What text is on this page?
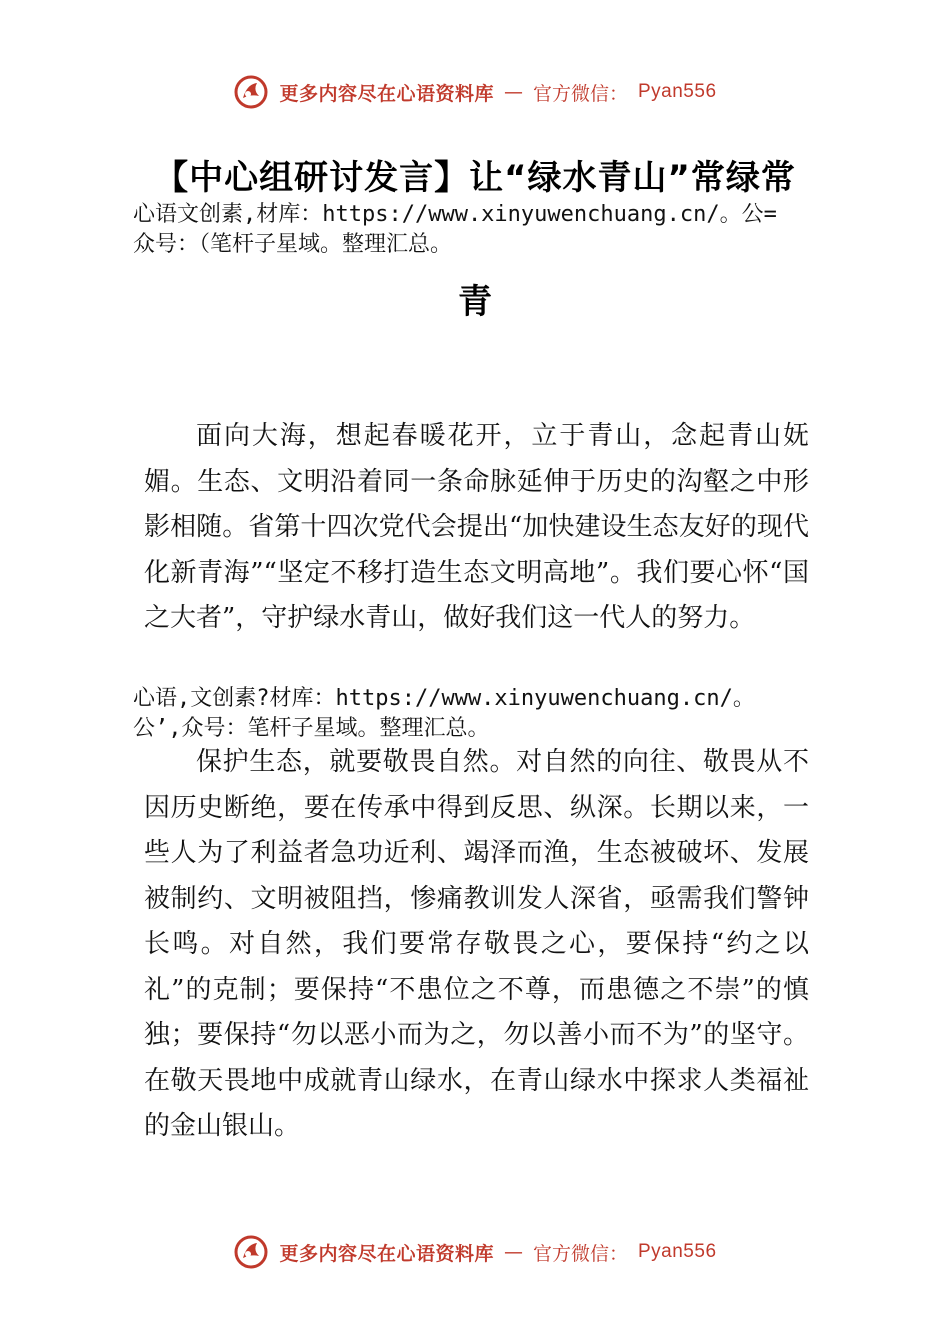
更多内容尽在心语资料库 — 官方微信： Pyan556
【中心组研讨发言】让“绿水青山”常绿常
心语文创素,材库：https://www.xinyuwenchuang.cn/。公=
众号：（笔杆子星域。整理汇总。
青

面向大海，想起春暖花开，立于青山，念起青山妩媚。生态、文明沿着同一条命脉延伸于历史的沟壑之中形影相随。省第十四次党代会提出“加快建设生态友好的现代化新青海”“坚定不移打造生态文明高地”。我们要心怀“国之大者”，守护绿水青山，做好我们这一代人的努力。

心语,文创素?材库：https://www.xinyuwenchuang.cn/。
公’,众号：笔杆子星域。整理汇总。

保护生态，就要敬畏自然。对自然的向往、敬畏从不因历史断绝，要在传承中得到反思、纵深。长期以来，一些人为了利益者急功近利、竭泽而渔，生态被破坏、发展被制约、文明被阻挡，惨痛教训发人深省，亟需我们警钟长鸣。对自然，我们要常存敬畏之心，要保持“约之以礼”的克制；要保持“不患位之不尊，而患德之不崇”的慎独；要保持“勿以恶小而为之，勿以善小而不为”的坚守。在敬天畏地中成就青山绿水，在青山绿水中探求人类福祉的金山银山。

更多内容尽在心语资料库 — 官方微信： Pyan556
